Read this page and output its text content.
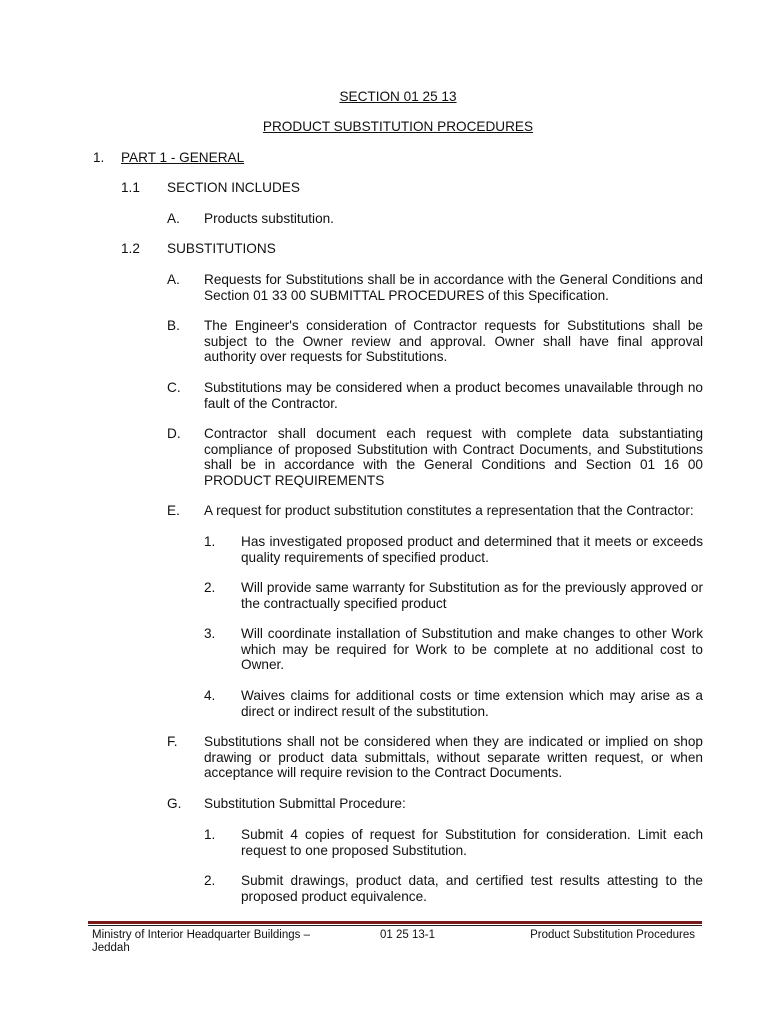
SECTION 01 25 13
PRODUCT SUBSTITUTION PROCEDURES
1. PART 1 - GENERAL
1.1 SECTION INCLUDES
A. Products substitution.
1.2 SUBSTITUTIONS
A. Requests for Substitutions shall be in accordance with the General Conditions and Section 01 33 00 SUBMITTAL PROCEDURES of this Specification.
B. The Engineer's consideration of Contractor requests for Substitutions shall be subject to the Owner review and approval. Owner shall have final approval authority over requests for Substitutions.
C. Substitutions may be considered when a product becomes unavailable through no fault of the Contractor.
D. Contractor shall document each request with complete data substantiating compliance of proposed Substitution with Contract Documents, and Substitutions shall be in accordance with the General Conditions and Section 01 16 00 PRODUCT REQUIREMENTS
E. A request for product substitution constitutes a representation that the Contractor:
1. Has investigated proposed product and determined that it meets or exceeds quality requirements of specified product.
2. Will provide same warranty for Substitution as for the previously approved or the contractually specified product
3. Will coordinate installation of Substitution and make changes to other Work which may be required for Work to be complete at no additional cost to Owner.
4. Waives claims for additional costs or time extension which may arise as a direct or indirect result of the substitution.
F. Substitutions shall not be considered when they are indicated or implied on shop drawing or product data submittals, without separate written request, or when acceptance will require revision to the Contract Documents.
G. Substitution Submittal Procedure:
1. Submit 4 copies of request for Substitution for consideration. Limit each request to one proposed Substitution.
2. Submit drawings, product data, and certified test results attesting to the proposed product equivalence.
Ministry of Interior Headquarter Buildings – Jeddah
01 25 13-1	Product Substitution Procedures
